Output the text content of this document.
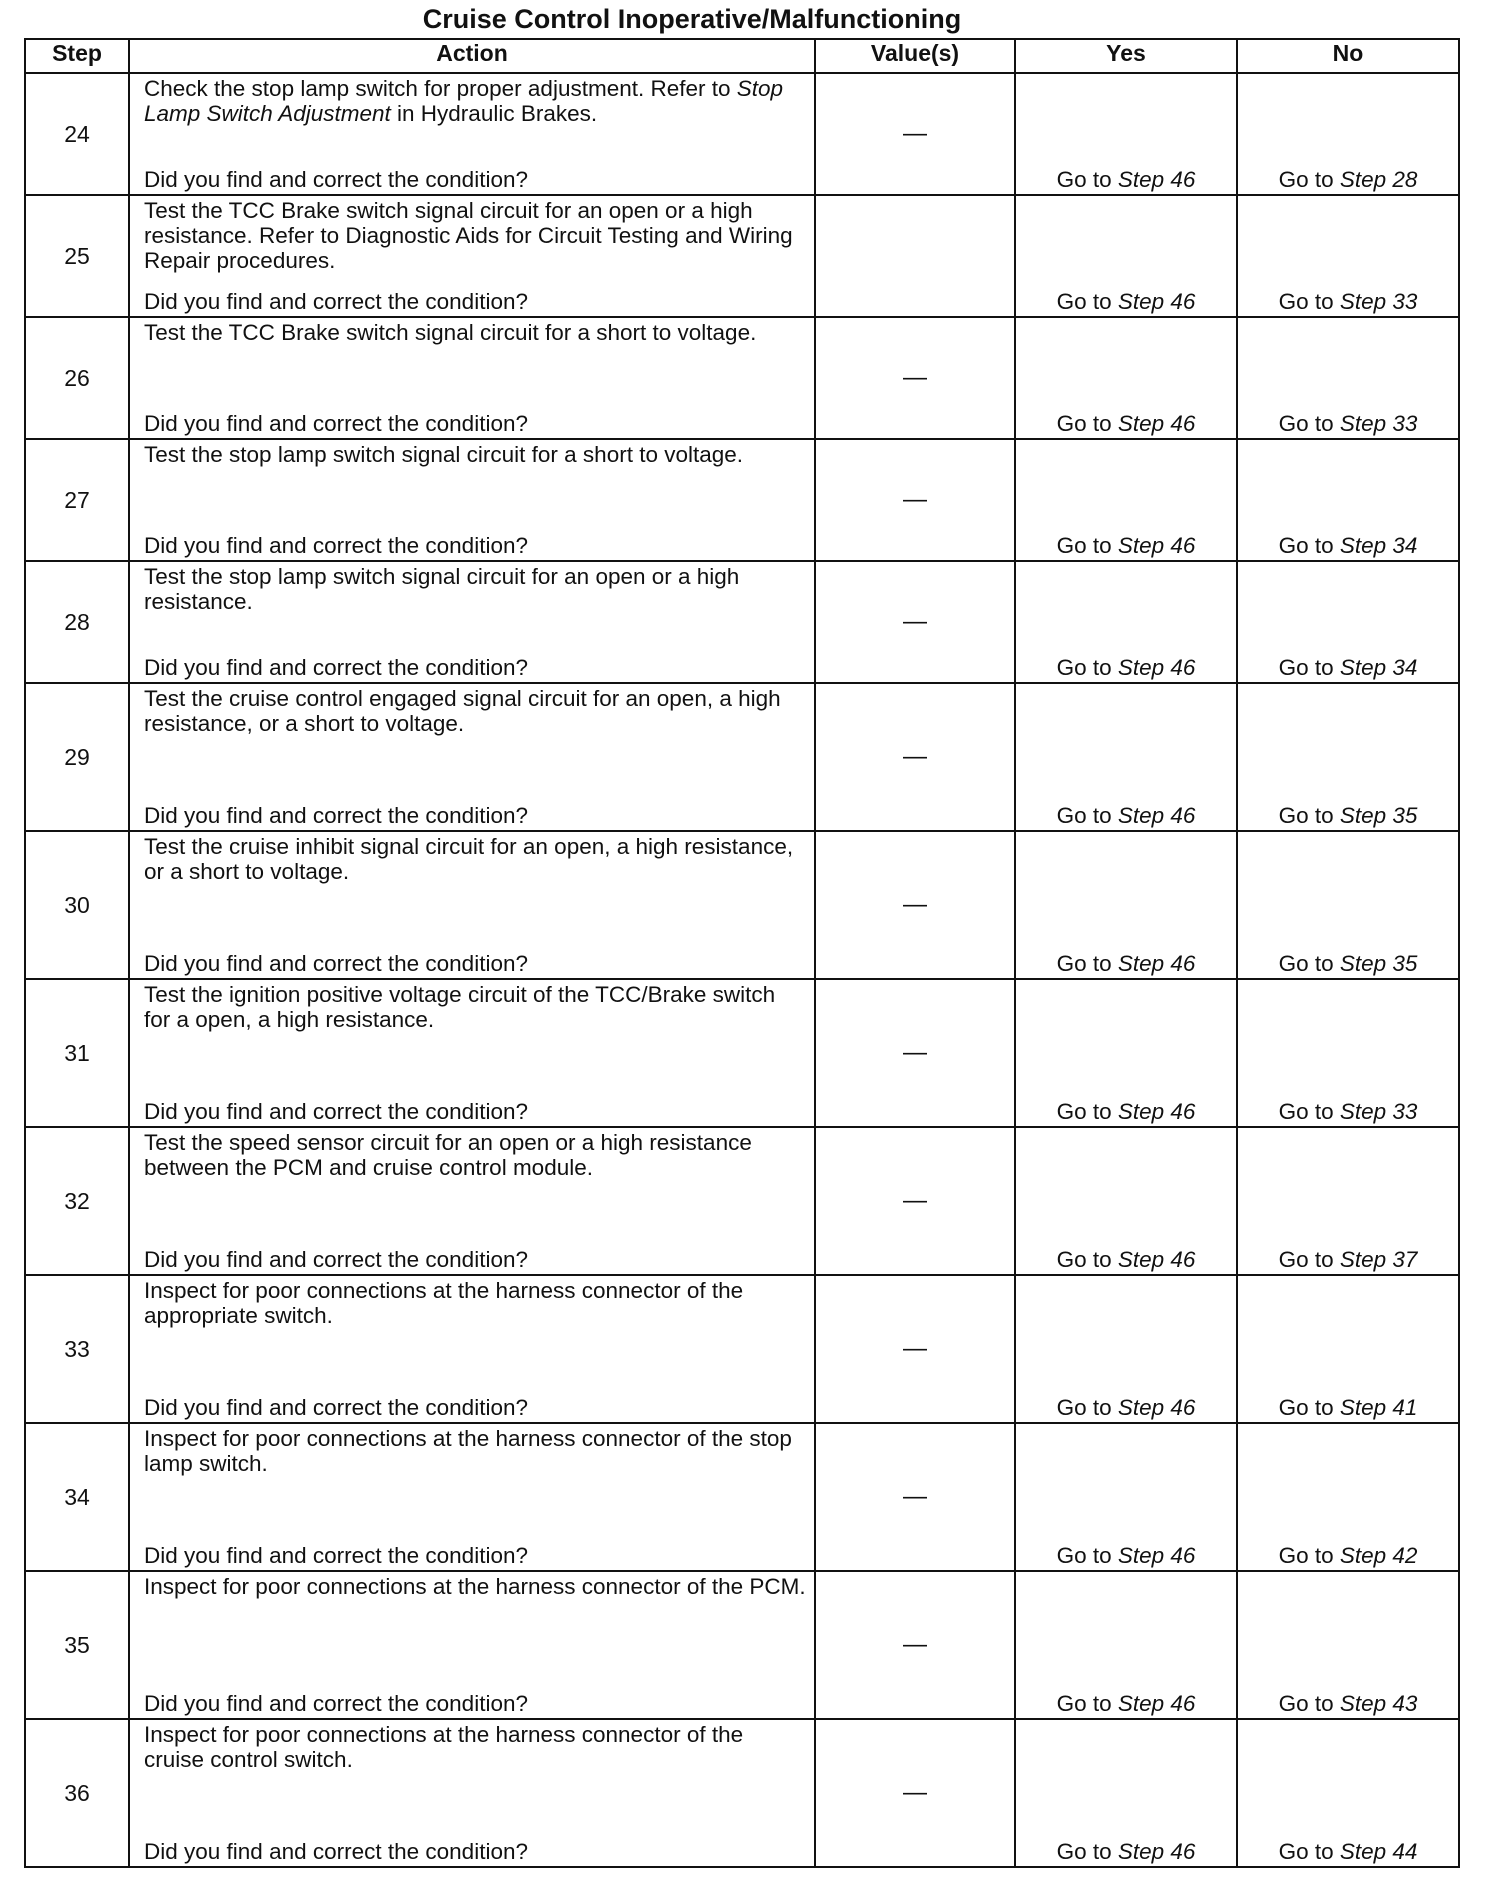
Cruise Control Inoperative/Malfunctioning
Step	Action	Value(s)	Yes	No
24	Check the stop lamp switch for proper adjustment. Refer to Stop Lamp Switch Adjustment in Hydraulic Brakes.
Did you find and correct the condition?	—	Go to Step 46	Go to Step 28

25	Test the TCC Brake switch signal circuit for an open or a high resistance. Refer to Diagnostic Aids for Circuit Testing and Wiring Repair procedures.
Did you find and correct the condition?		Go to Step 46	Go to Step 33

26	Test the TCC Brake switch signal circuit for a short to voltage.
Did you find and correct the condition?	—	Go to Step 46	Go to Step 33

27	Test the stop lamp switch signal circuit for a short to voltage.
Did you find and correct the condition?	—	Go to Step 46	Go to Step 34

28	Test the stop lamp switch signal circuit for an open or a high resistance.
Did you find and correct the condition?	—	Go to Step 46	Go to Step 34

29	Test the cruise control engaged signal circuit for an open, a high resistance, or a short to voltage.
Did you find and correct the condition?	—	Go to Step 46	Go to Step 35

30	Test the cruise inhibit signal circuit for an open, a high resistance, or a short to voltage.
Did you find and correct the condition?	—	Go to Step 46	Go to Step 35

31	Test the ignition positive voltage circuit of the TCC/Brake switch for a open, a high resistance.
Did you find and correct the condition?	—	Go to Step 46	Go to Step 33

32	Test the speed sensor circuit for an open or a high resistance between the PCM and cruise control module.
Did you find and correct the condition?	—	Go to Step 46	Go to Step 37

33	Inspect for poor connections at the harness connector of the appropriate switch.
Did you find and correct the condition?	—	Go to Step 46	Go to Step 41

34	Inspect for poor connections at the harness connector of the stop lamp switch.
Did you find and correct the condition?	—	Go to Step 46	Go to Step 42

35	Inspect for poor connections at the harness connector of the PCM.
Did you find and correct the condition?	—	Go to Step 46	Go to Step 43

36	Inspect for poor connections at the harness connector of the cruise control switch.
Did you find and correct the condition?	—	Go to Step 46	Go to Step 44
